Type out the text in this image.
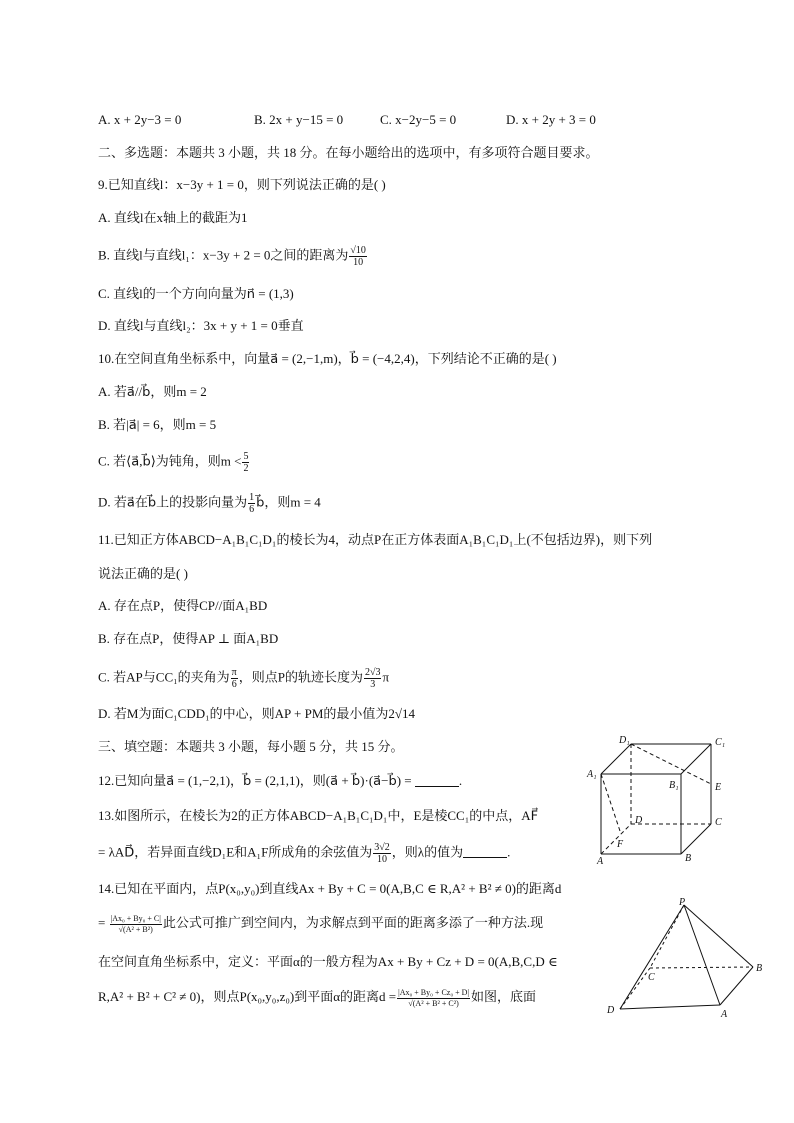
A. x + 2y−3 = 0	B. 2x + y−15 = 0	C. x−2y−5 = 0	D. x + 2y + 3 = 0
二、多选题：本题共 3 小题，共 18 分。在每小题给出的选项中，有多项符合题目要求。
9.已知直线l：x−3y + 1 = 0，则下列说法正确的是( )
A. 直线l在x轴上的截距为1
B. 直线l与直线l₁：x−3y + 2 = 0之间的距离为 $\frac{√10}{10}$
C. 直线l的一个方向向量为n⃗ = (1,3)
D. 直线l与直线l₂：3x + y + 1 = 0垂直
10.在空间直角坐标系中，向量a⃗ = (2,−1,m)，b⃗ = (−4,2,4)，下列结论不正确的是( )
A. 若a⃗//b⃗，则m = 2
B. 若|a⃗| = 6，则m = 5
C. 若⟨a⃗,b⃗⟩为钝角，则$m < \frac{5}{2}$
D. 若a⃗在b⃗上的投影向量为 $\frac{1}{6}$ b⃗，则m = 4
11.已知正方体ABCD−A₁B₁C₁D₁的棱长为4，动点P在正方体表面A₁B₁C₁D₁上(不包括边界)，则下列
说法正确的是( )
A. 存在点P，使得CP//面A₁BD
B. 存在点P，使得AP ⊥ 面A₁BD
C. 若AP与CC₁的夹角为 $\frac{\pi}{6}$ ，则点P的轨迹长度为 $\frac{2√3}{3}$ π
D. 若M为面C₁CDD₁的中心，则AP + PM的最小值为2√14
三、填空题：本题共 3 小题，每小题 5 分，共 15 分。
12.已知向量a⃗ = (1,−2,1)，b⃗ = (2,1,1)，则(a⃗ + b⃗)·(a⃗−b⃗) =	.
13.如图所示，在棱长为2的正方体ABCD−A₁B₁C₁D₁中，E是棱CC₁的中点，AF⃗
= λAD⃗，若异面直线D₁E和A₁F所成角的余弦值为 $\frac{3√2}{10}$ ，则λ的值为	.
14.已知在平面内，点P(x₀,y₀)到直线Ax + By + C = 0(A,B,C ∈ R,A² + B² ≠ 0)的距离d
= $\frac{\text{|Ax₀ + By₀ + C|}}{\text{√(A² + B²)}}$ 此公式可推广到空间内，为求解点到平面的距离多添了一种方法.现
在空间直角坐标系中，定义：平面α的一般方程为Ax + By + Cz + D = 0(A,B,C,D ∈
R,A² + B² + C² ≠ 0)，则点P(x₀,y₀,z₀)到平面α的距离$d = \frac{\text{|Ax₀ + By₀ + Cz₀ + D|}}{\text{√(A² + B² + C²)}}$ 如图，底面
D₁	C₁
A₁
B₁	E
D	C
F
A	B
P
B
C
D	A
